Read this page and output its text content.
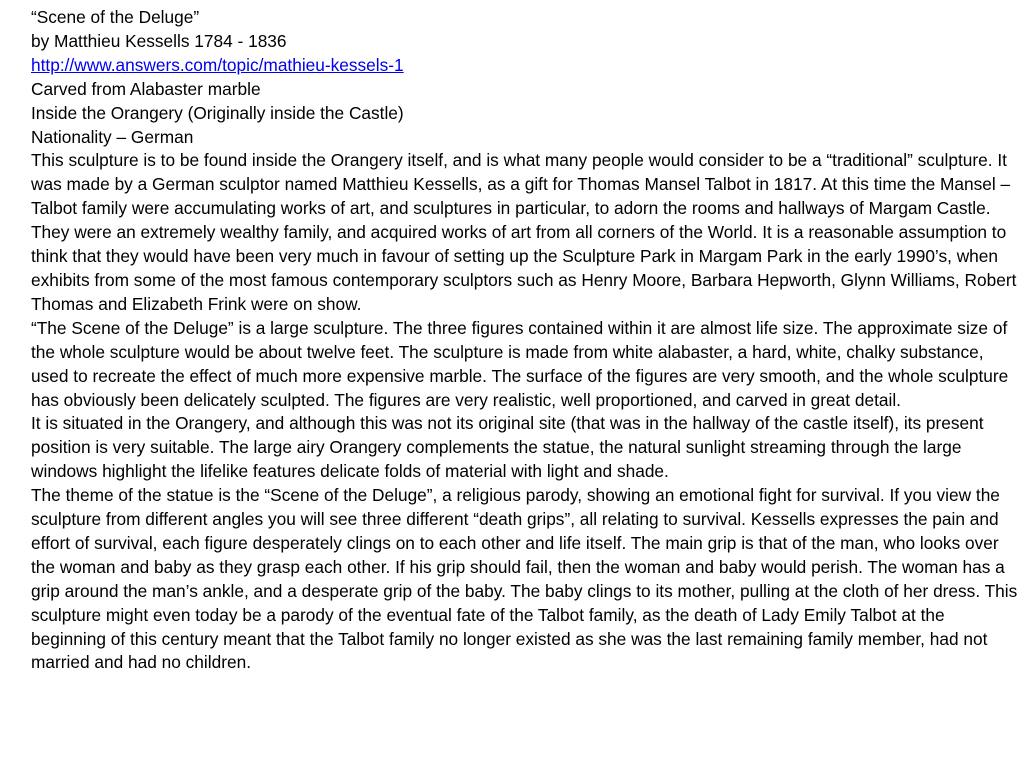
“Scene of the Deluge”
by Matthieu Kessells 1784 - 1836
http://www.answers.com/topic/mathieu-kessels-1
Carved from Alabaster marble
Inside the Orangery (Originally inside the Castle)
Nationality – German

This sculpture is to be found inside the Orangery itself, and is what many people would consider to be a “traditional” sculpture. It was made by a German sculptor named Matthieu Kessells, as a gift for Thomas Mansel Talbot in 1817. At this time the Mansel – Talbot family were accumulating works of art, and sculptures in particular, to adorn the rooms and hallways of Margam Castle. They were an extremely wealthy family, and acquired works of art from all corners of the World. It is a reasonable assumption to think that they would have been very much in favour of setting up the Sculpture Park in Margam Park in the early 1990’s, when exhibits from some of the most famous contemporary sculptors such as Henry Moore, Barbara Hepworth, Glynn Williams, Robert Thomas and Elizabeth Frink were on show.

“The Scene of the Deluge” is a large sculpture. The three figures contained within it are almost life size. The approximate size of the whole sculpture would be about twelve feet. The sculpture is made from white alabaster, a hard, white, chalky substance, used to recreate the effect of much more expensive marble. The surface of the figures are very smooth, and the whole sculpture has obviously been delicately sculpted. The figures are very realistic, well proportioned, and carved in great detail.

It is situated in the Orangery, and although this was not its original site (that was in the hallway of the castle itself), its present position is very suitable. The large airy Orangery complements the statue, the natural sunlight streaming through the large windows highlight the lifelike features delicate folds of material with light and shade.

The theme of the statue is the “Scene of the Deluge”, a religious parody, showing an emotional fight for survival. If you view the sculpture from different angles you will see three different “death grips”, all relating to survival. Kessells expresses the pain and effort of survival, each figure desperately clings on to each other and life itself. The main grip is that of the man, who looks over the woman and baby as they grasp each other. If his grip should fail, then the woman and baby would perish. The woman has a grip around the man’s ankle, and a desperate grip of the baby. The baby clings to its mother, pulling at the cloth of her dress. This sculpture might even today be a parody of the eventual fate of the Talbot family, as the death of Lady Emily Talbot at the beginning of this century meant that the Talbot family no longer existed as she was the last remaining family member, had not married and had no children.
